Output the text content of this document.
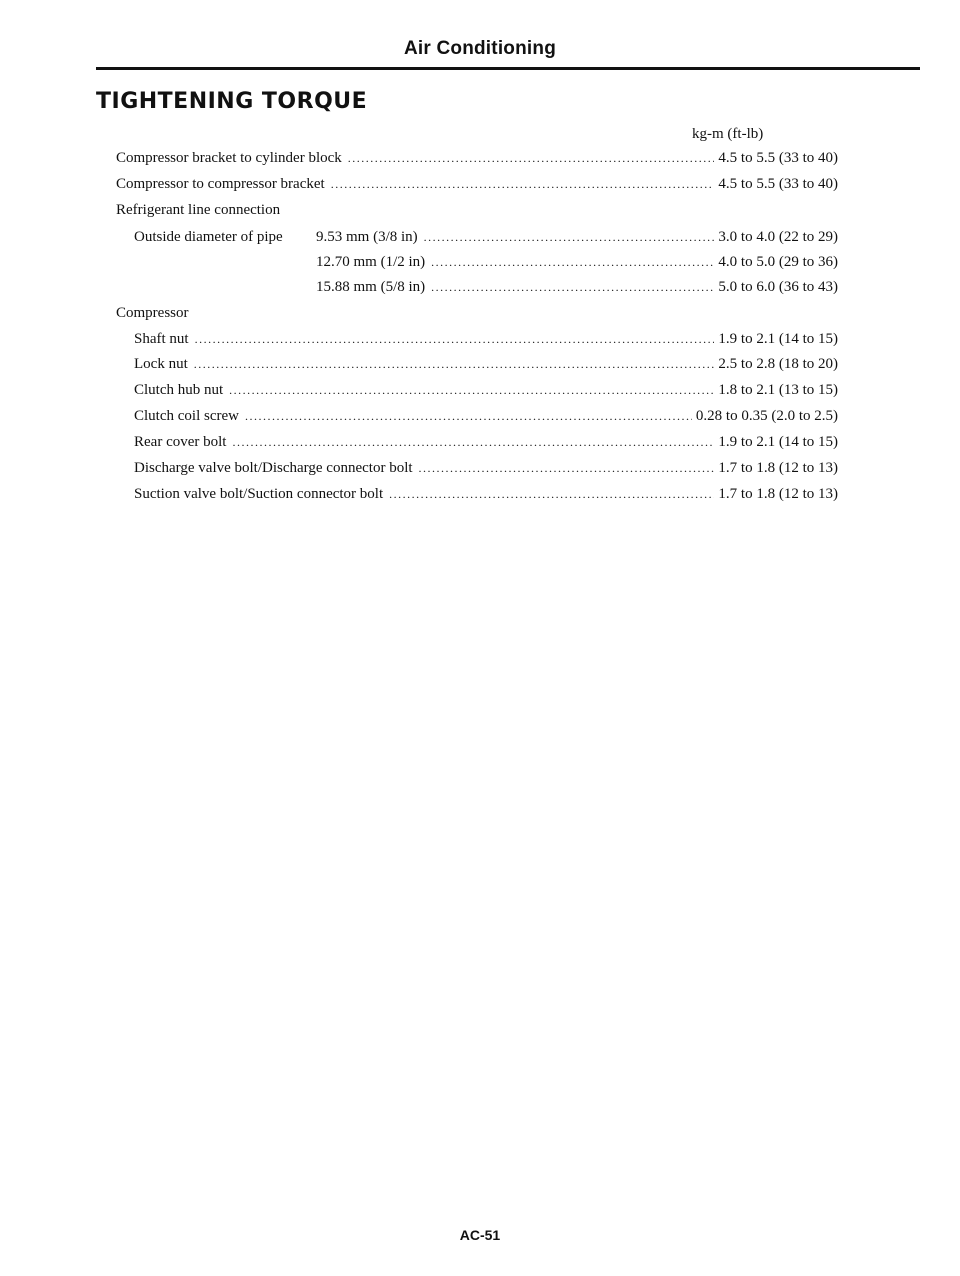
Air Conditioning
TIGHTENING TORQUE
kg-m (ft-lb)
Compressor bracket to cylinder block .....	4.5 to 5.5 (33 to 40)
Compressor to compressor bracket .....	4.5 to 5.5 (33 to 40)
Refrigerant line connection
Outside diameter of pipe	9.53 mm (3/8 in) .....	3.0 to 4.0 (22 to 29)
12.70 mm (1/2 in) .....	4.0 to 5.0 (29 to 36)
15.88 mm (5/8 in) .....	5.0 to 6.0 (36 to 43)
Compressor
Shaft nut .....	1.9 to 2.1 (14 to 15)
Lock nut .....	2.5 to 2.8 (18 to 20)
Clutch hub nut .....	1.8 to 2.1 (13 to 15)
Clutch coil screw .....	0.28 to 0.35 (2.0 to 2.5)
Rear cover bolt .....	1.9 to 2.1 (14 to 15)
Discharge valve bolt/Discharge connector bolt .....	1.7 to 1.8 (12 to 13)
Suction valve bolt/Suction connector bolt .....	1.7 to 1.8 (12 to 13)
AC-51
